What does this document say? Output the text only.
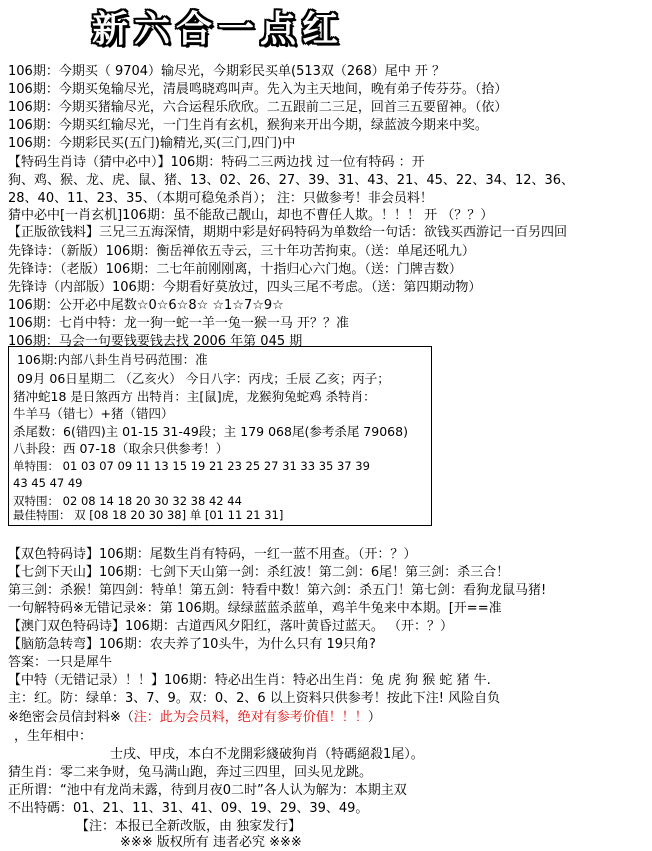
新六合一点红
106期：今期买（ 9704）输尽光，今期彩民买单(513双（268）尾中 开 ？
106期：今期买兔输尽光，清晨鸣晓鸡叫声。先入为主天地间，晚有弟子传芬芬。（拾）
106期：今期买猪输尽光，六合运程乐欣欣。二五跟前二三足，回首三五要留神。（依）
106期：今期买红输尽光，一门生肖有玄机，猴狗来开出今期，绿蓝波今期来中奖。
106期：今期彩民买(五门)输精光,买(三门,四门)中
【特码生肖诗（猜中必中）】106期：特码二三两边找 过一位有特码 ：开
狗、鸡、猴、龙、虎、鼠、猪、13、02、26、27、39、31、43、21、45、22、34、12、36、
28、40、11、23、35、（本期可稳兔杀肖）； 注：只做参考！非会员料！
猜中必中[一肖玄机]106期：虽不能敌己靓山，却也不曹任人欺。！！！ 开 （？？）
【正版欲钱料】三兄三五海深情，期期中彩是好码特码为单数给一句话：欲钱买西游记一百另四回
先锋诗：（新版）106期：衡岳禅依五寺云，三十年功苦拘束。（送：单尾还吼九）
先锋诗：（老版）106期：二七年前刚刚离，十指归心六门炮。（送：门牌吉数）
先锋诗（内部版）106期：今期看好莫放过，四头三尾不考虑。（送：第四期动物）
106期：公开必中尾数☆0☆6☆8☆ ☆1☆7☆9☆
106期：七肖中特：龙一狗一蛇一羊一兔一猴一马 开？？准
106期：马会一句要钱要钱去找 2006 年第 045 期
106期:内部八卦生肖号码范围：准
09月 06日星期二 （乙亥火） 今日八字：丙戌；壬辰 乙亥；丙子；
猪冲蛇18 是日煞西方 出特肖：主[鼠]虎，龙猴狗兔蛇鸡 杀特肖：
牛羊马（错七）+猪（错四）
杀尾数：6(错四)主 01-15 31-49段；主 179 068尾(参考杀尾 79068)
八卦段：西 07-18（取余只供参考！）
单特围： 01 03 07 09 11 13 15 19 21 23 25 27 31 33 35 37 39
43 45 47 49
双特围： 02 08 14 18 20 30 32 38 42 44
最佳特围： 双 [08 18 20 30 38] 单 [01 11 21 31]
【双色特码诗】106期：尾数生肖有特码，一红一蓝不用查。（开：？）
【七剑下天山】106期：七剑下天山第一剑：杀红波！第二剑：6尾！第三剑：杀三合！
第三剑：杀猴！第四剑：特单！第五剑：特看中数！第六剑：杀五门！第七剑：看狗龙鼠马猪!
一句解特码※无错记录※：第 106期。绿绿蓝蓝杀蓝单，鸡羊牛兔来中本期。[开==准
【澳门双色特码诗】106期：古道西风夕阳红，落叶黄昏过蓝天。 （开：？）
【脑筋急转弯】106期：农夫养了10头牛，为什么只有 19只角?
答案：一只是犀牛
【中特（无错记录）！！】106期：特必出生肖：特必出生肖：兔 虎 狗 猴 蛇 猪 牛.
主：红。防：绿单：3、7、9。双：0、2、6 以上资料只供参考！按此下注! 风险自负
※绝密会员信封料※（注：此为会员料，绝对有参考价值！！！）
，生年相中：
士戌、甲戌，本白不龙開彩綫破狗肖（特碼絕殺1尾）。
猜生肖：零二来争财，兔马满山跑，奔过三四里，回头见龙跳。
正所谓：“池中有龙尚未露，待到月夜0二时”各人认为解为：本期主双
不出特碼：01、21、11、31、41、09、19、29、39、49。
【注：本报已全新改版，由 独家发行】
※※※ 版权所有 违者必究 ※※※
